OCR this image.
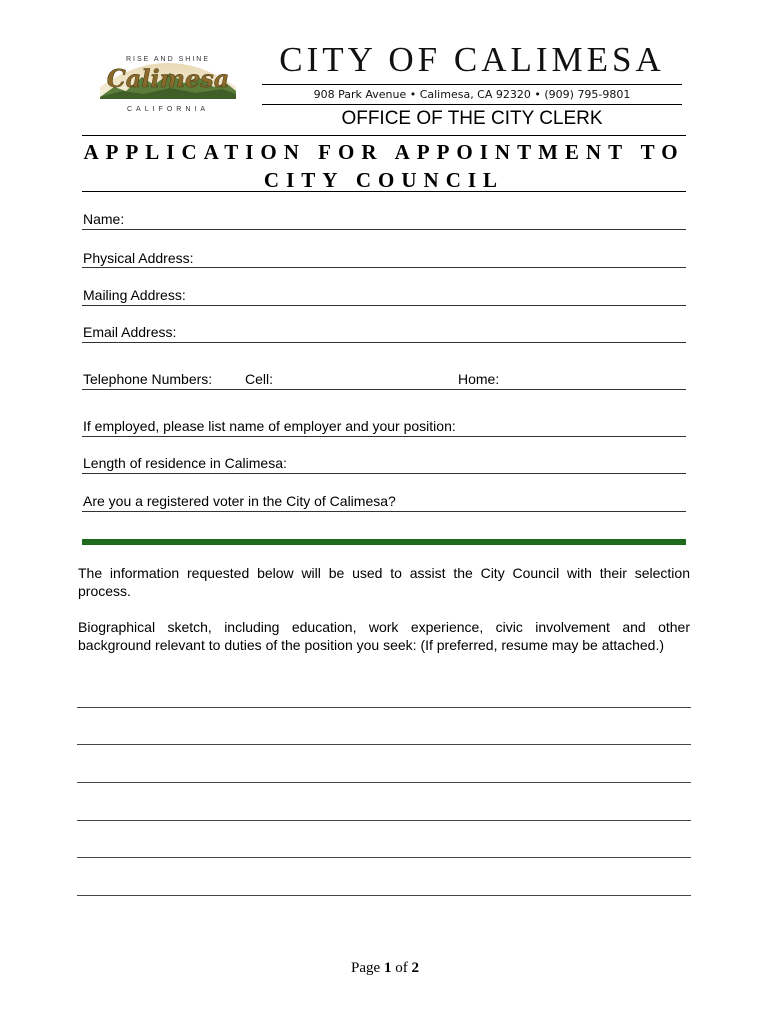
RISE AND SHINE
Calimesa
CALIFORNIA
CITY OF CALIMESA
908 Park Avenue • Calimesa, CA 92320 • (909) 795-9801
OFFICE OF THE CITY CLERK
APPLICATION FOR APPOINTMENT TO
CITY COUNCIL
Name:
Physical Address:
Mailing Address:
Email Address:
Telephone Numbers: Cell:	Home:
If employed, please list name of employer and your position:
Length of residence in Calimesa:
Are you a registered voter in the City of Calimesa?
The information requested below will be used to assist the City Council with their selection process.
Biographical sketch, including education, work experience, civic involvement and other background relevant to duties of the position you seek: (If preferred, resume may be attached.)
Page 1 of 2
